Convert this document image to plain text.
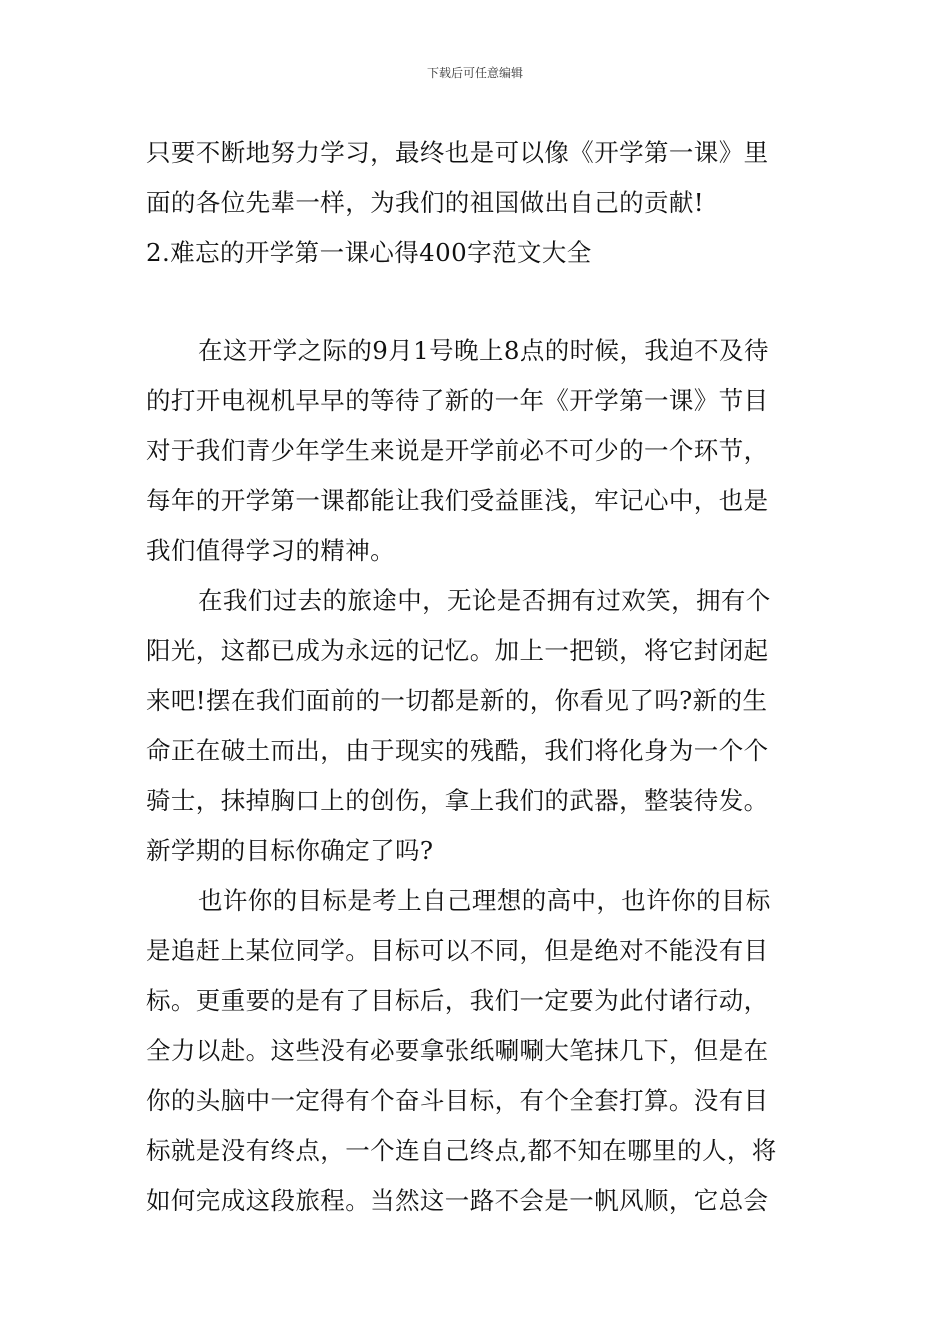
下载后可任意编辑
只要不断地努力学习，最终也是可以像《开学第一课》里
面的各位先辈一样，为我们的祖国做出自己的贡献!
2.难忘的开学第一课心得400字范文大全
在这开学之际的9月1号晚上8点的时候，我迫不及待
的打开电视机早早的等待了新的一年《开学第一课》节目
对于我们青少年学生来说是开学前必不可少的一个环节，
每年的开学第一课都能让我们受益匪浅，牢记心中，也是
我们值得学习的精神。
在我们过去的旅途中，无论是否拥有过欢笑，拥有个
阳光，这都已成为永远的记忆。加上一把锁，将它封闭起
来吧!摆在我们面前的一切都是新的，你看见了吗?新的生
命正在破土而出，由于现实的残酷，我们将化身为一个个
骑士，抹掉胸口上的创伤，拿上我们的武器，整装待发。
新学期的目标你确定了吗?
也许你的目标是考上自己理想的高中，也许你的目标
是追赶上某位同学。目标可以不同，但是绝对不能没有目
标。更重要的是有了目标后，我们一定要为此付诸行动，
全力以赴。这些没有必要拿张纸唰唰大笔抹几下，但是在
你的头脑中一定得有个奋斗目标，有个全套打算。没有目
标就是没有终点，一个连自己终点,都不知在哪里的人，将
如何完成这段旅程。当然这一路不会是一帆风顺，它总会
